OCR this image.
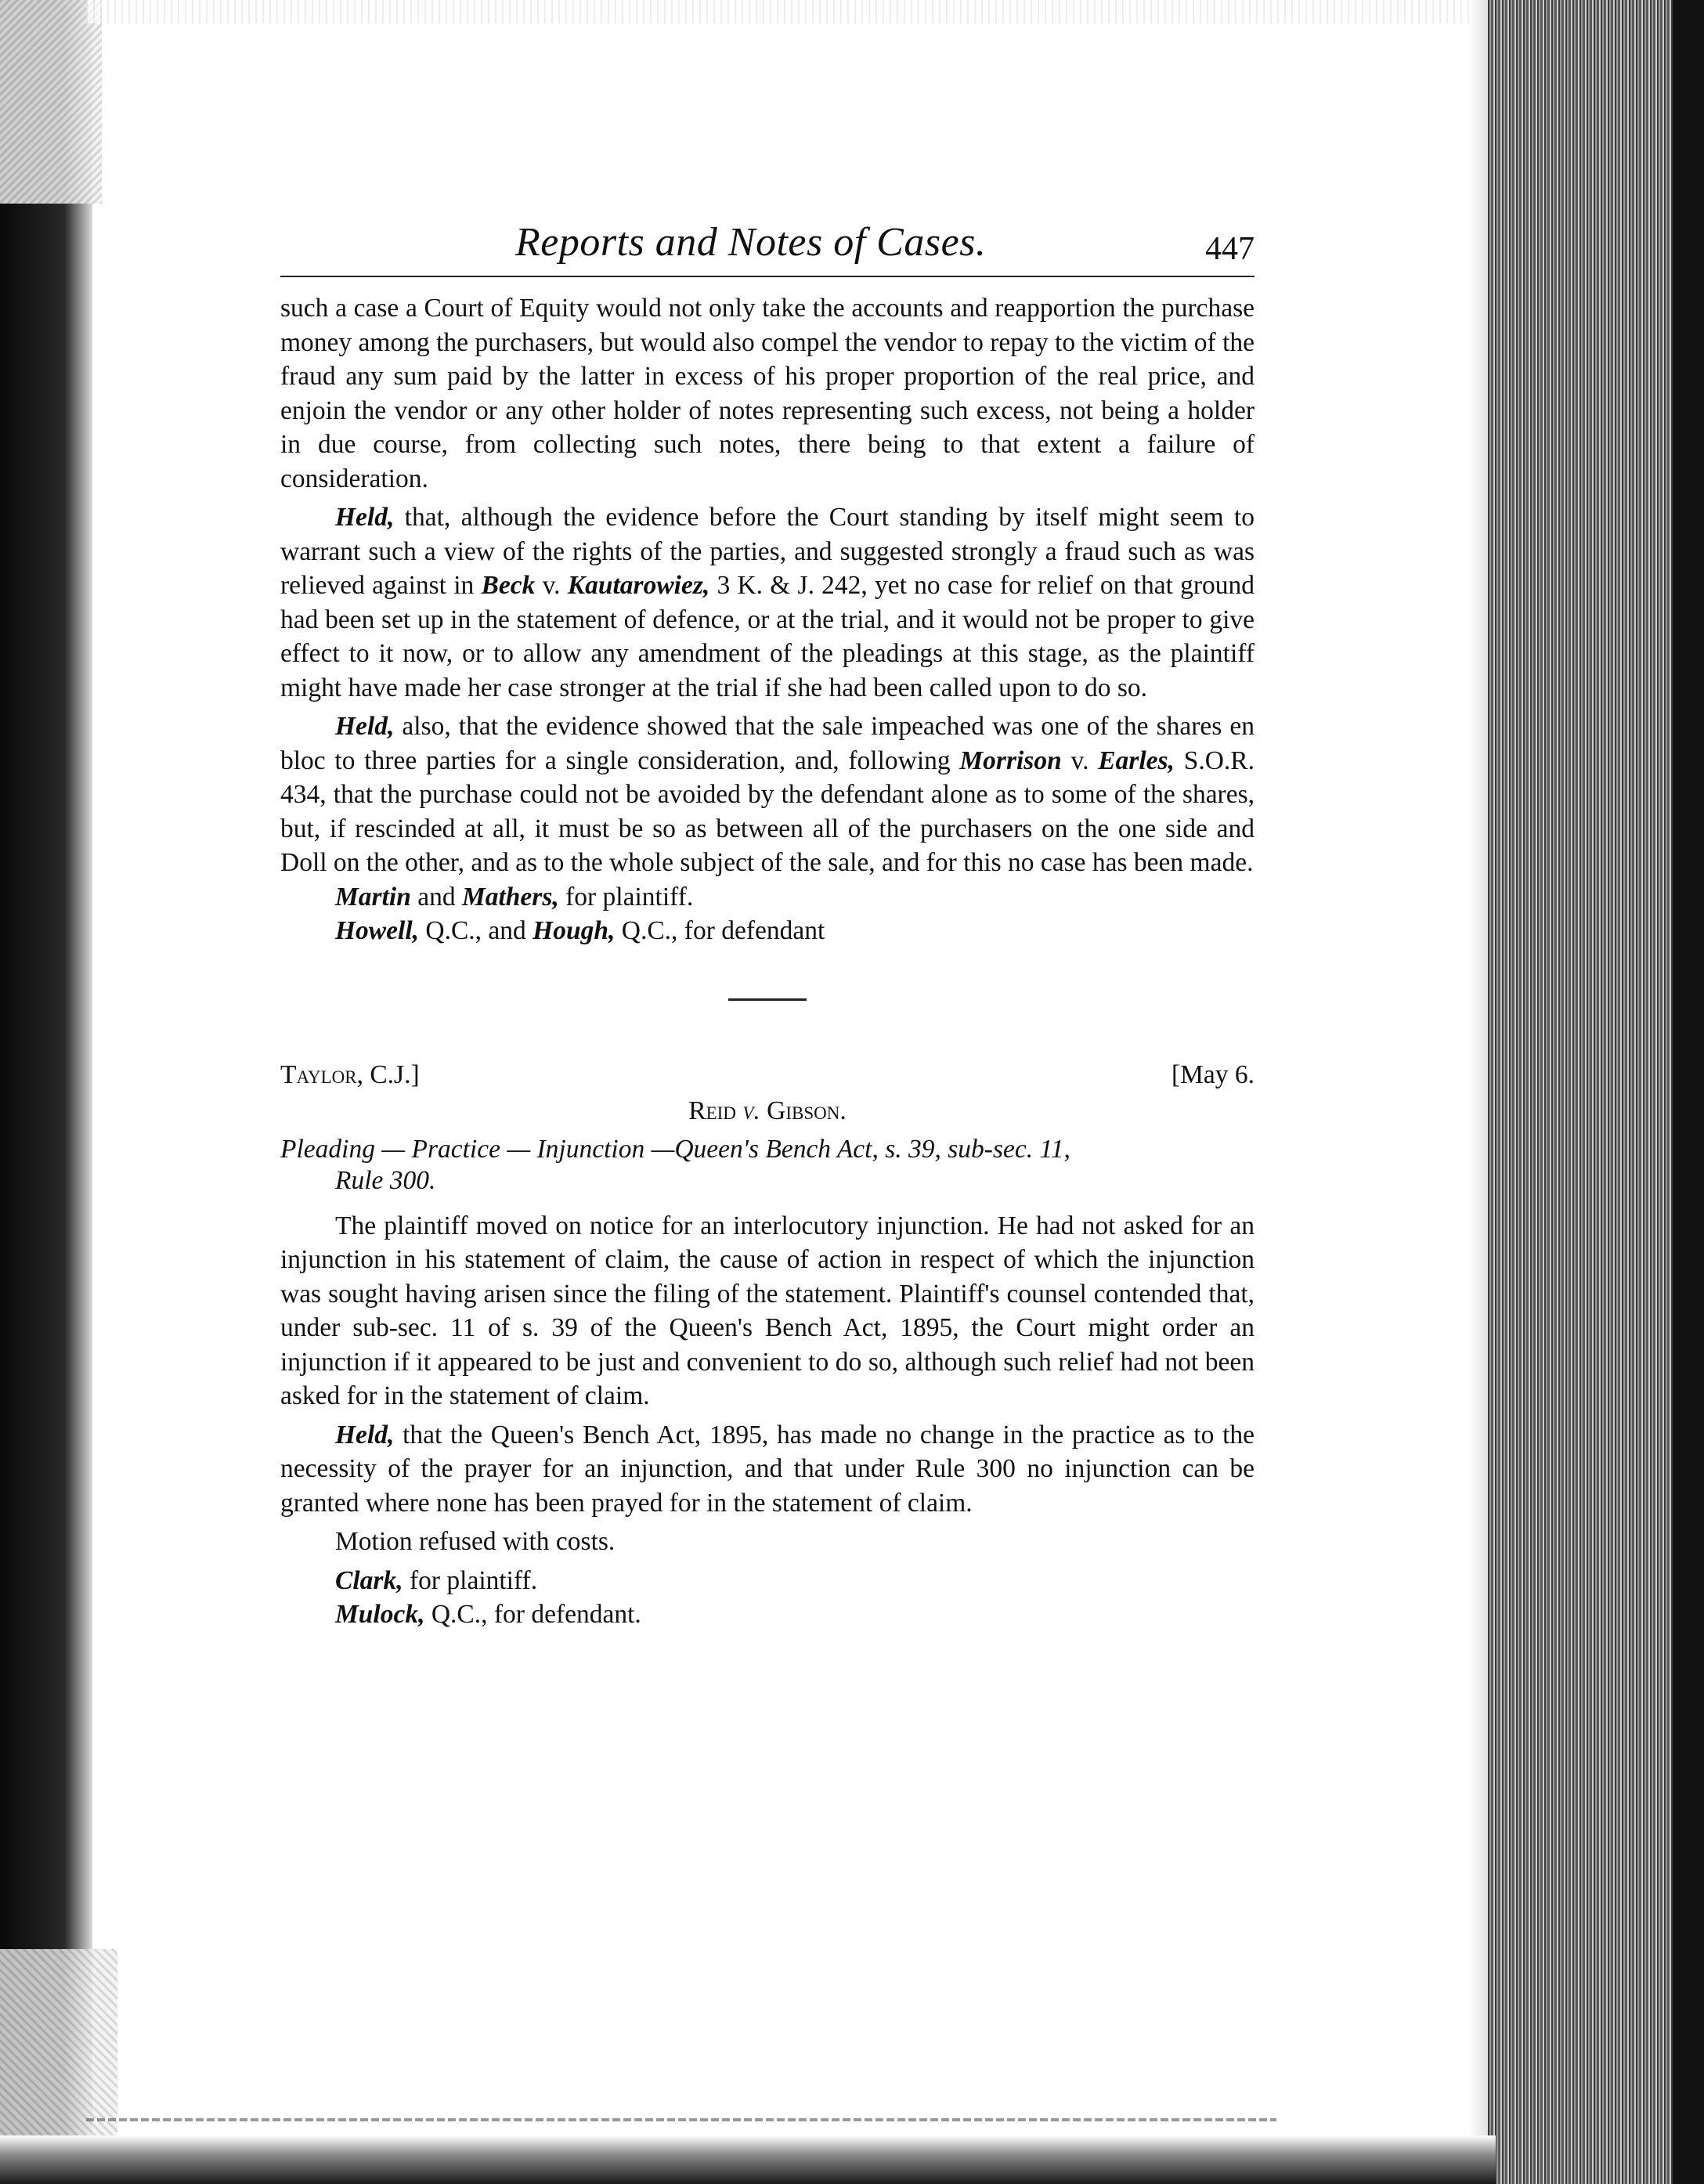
Reports and Notes of Cases.	447

such a case a Court of Equity would not only take the accounts and reapportion the purchase money among the purchasers, but would also compel the vendor to repay to the victim of the fraud any sum paid by the latter in excess of his proper proportion of the real price, and enjoin the vendor or any other holder of notes representing such excess, not being a holder in due course, from collecting such notes, there being to that extent a failure of consideration.

Held, that, although the evidence before the Court standing by itself might seem to warrant such a view of the rights of the parties, and suggested strongly a fraud such as was relieved against in Beck v. Kautarowiez, 3 K. & J. 242, yet no case for relief on that ground had been set up in the statement of defence, or at the trial, and it would not be proper to give effect to it now, or to allow any amendment of the pleadings at this stage, as the plaintiff might have made her case stronger at the trial if she had been called upon to do so.

Held, also, that the evidence showed that the sale impeached was one of the shares en bloc to three parties for a single consideration, and, following Morrison v. Earles, S.O.R. 434, that the purchase could not be avoided by the defendant alone as to some of the shares, but, if rescinded at all, it must be so as between all of the purchasers on the one side and Doll on the other, and as to the whole subject of the sale, and for this no case has been made.

Martin and Mathers, for plaintiff.

Howell, Q.C., and Hough, Q.C., for defendant

Taylor, C.J.]	[May 6.
Reid v. Gibson.
Pleading — Practice — Injunction —Queen's Bench Act, s. 39, sub-sec. 11,
Rule 300.

The plaintiff moved on notice for an interlocutory injunction. He had not asked for an injunction in his statement of claim, the cause of action in respect of which the injunction was sought having arisen since the filing of the statement. Plaintiff's counsel contended that, under sub-sec. 11 of s. 39 of the Queen's Bench Act, 1895, the Court might order an injunction if it appeared to be just and convenient to do so, although such relief had not been asked for in the statement of claim.

Held, that the Queen's Bench Act, 1895, has made no change in the practice as to the necessity of the prayer for an injunction, and that under Rule 300 no injunction can be granted where none has been prayed for in the statement of claim.

Motion refused with costs.

Clark, for plaintiff.

Mulock, Q.C., for defendant.
